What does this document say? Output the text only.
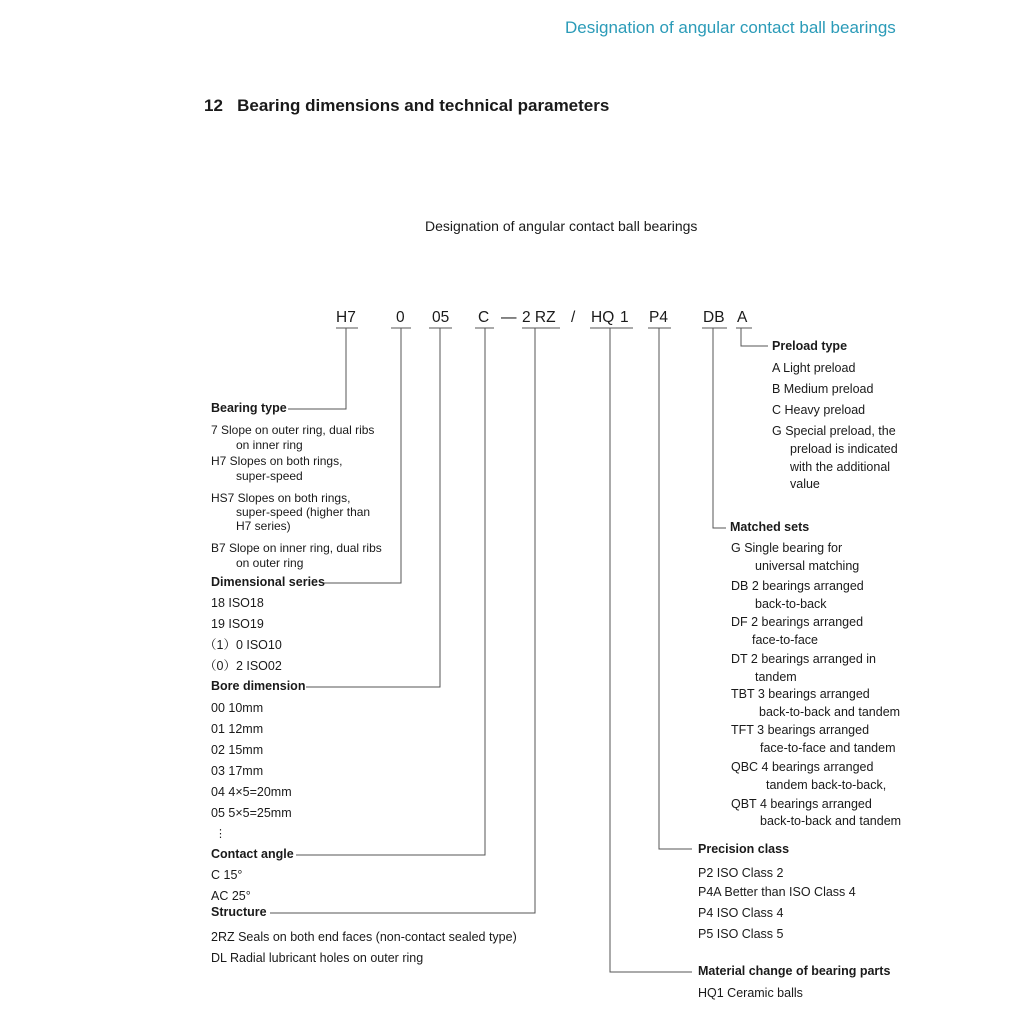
Designation of angular contact ball bearings
12 Bearing dimensions and technical parameters
Designation of angular contact ball bearings
H7	0 05 C — 2 RZ / HQ 1 P4 DB A
Bearing type
7 Slope on outer ring, dual ribs
on inner ring
H7 Slopes on both rings,
super-speed
HS7 Slopes on both rings,
super-speed (higher than
H7 series)
B7 Slope on inner ring, dual ribs
on outer ring
Dimensional series
18 ISO18
19 ISO19
（1）0 ISO10
（0）2 ISO02
Bore dimension
00 10mm
01 12mm
02 15mm
03 17mm
04 4×5=20mm
05 5×5=25mm
⋮
Contact angle
C 15°
AC 25°
Structure
2RZ Seals on both end faces (non-contact sealed type)
DL Radial lubricant holes on outer ring
Preload type
A Light preload
B Medium preload
C Heavy preload
G Special preload, the
preload is indicated
with the additional
value
Matched sets
G Single bearing for
universal matching
DB 2 bearings arranged
back-to-back
DF 2 bearings arranged
face-to-face
DT 2 bearings arranged in
tandem
TBT 3 bearings arranged
back-to-back and tandem
TFT 3 bearings arranged
face-to-face and tandem
QBC 4 bearings arranged
tandem back-to-back,
QBT 4 bearings arranged
back-to-back and tandem
Precision class
P2 ISO Class 2
P4A Better than ISO Class 4
P4 ISO Class 4
P5 ISO Class 5
Material change of bearing parts
HQ1 Ceramic balls
